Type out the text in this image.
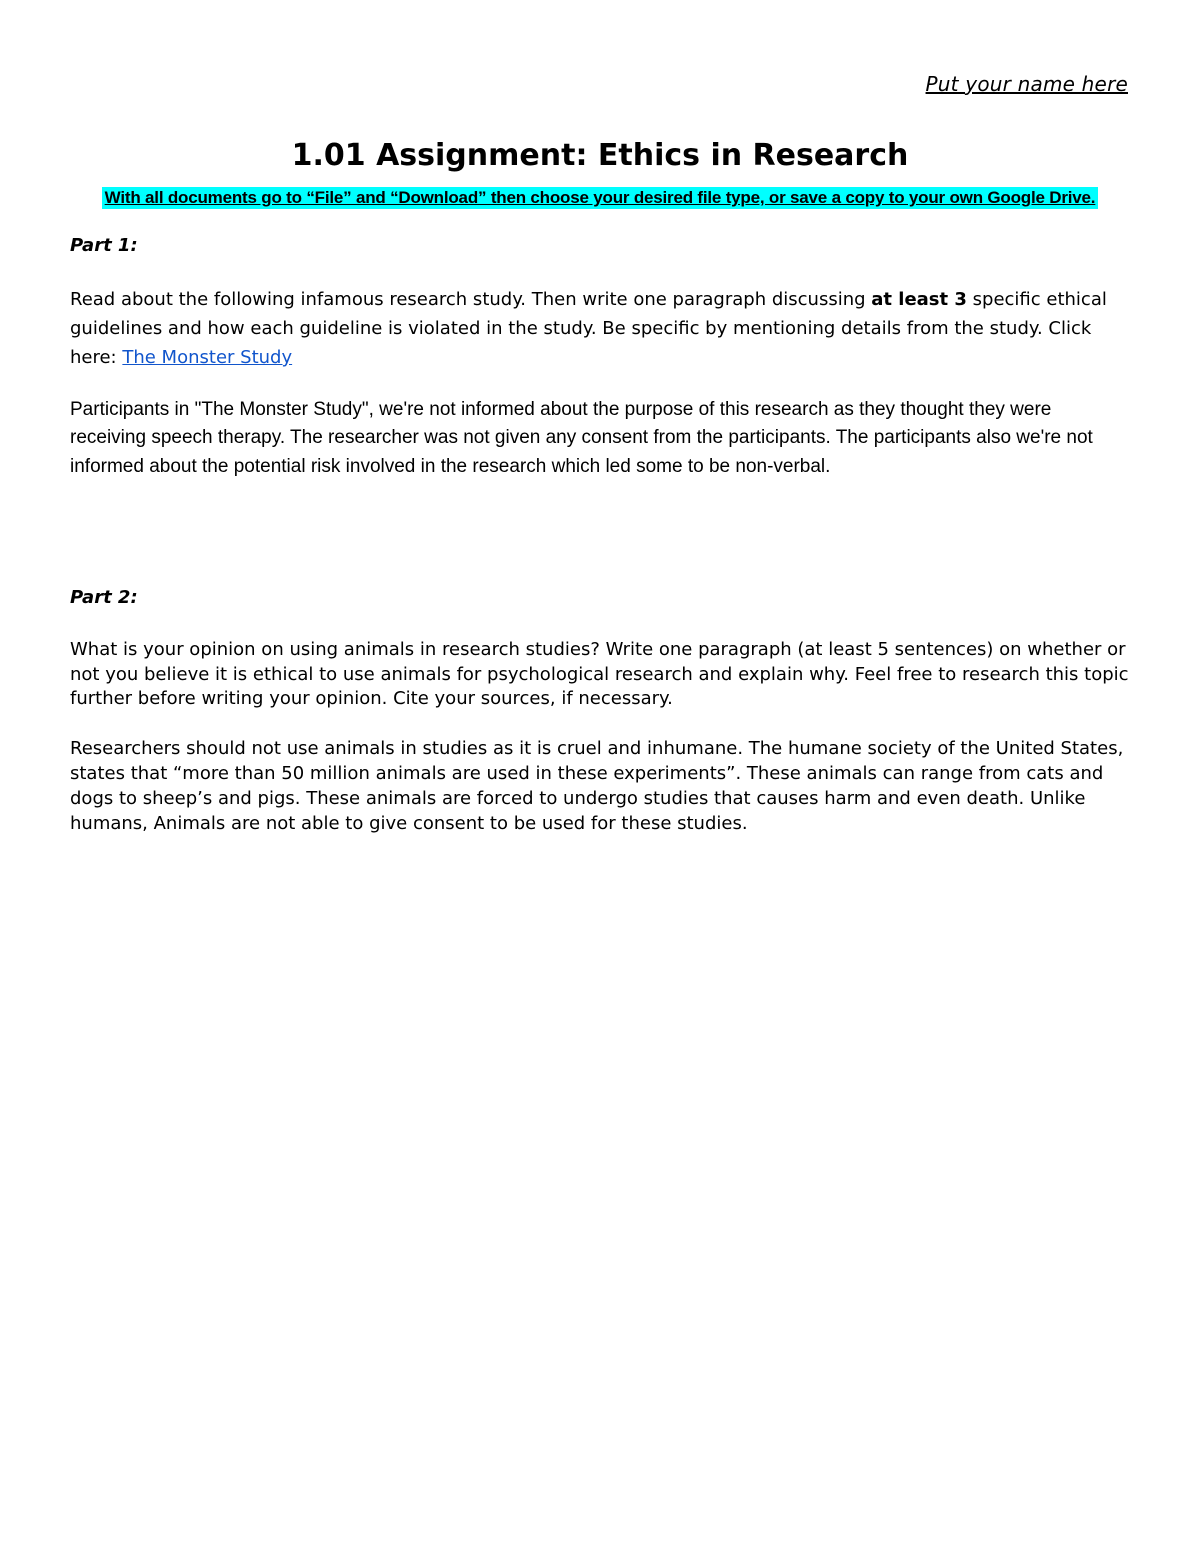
Put your name here
1.01 Assignment: Ethics in Research
With all documents go to “File” and “Download” then choose your desired file type, or save a copy to your own Google Drive.

Part 1:

Read about the following infamous research study. Then write one paragraph discussing at least 3 specific ethical guidelines and how each guideline is violated in the study. Be specific by mentioning details from the study. Click here: The Monster Study

Participants in "The Monster Study", we're not informed about the purpose of this research as they thought they were receiving speech therapy. The researcher was not given any consent from the participants. The participants also we're not informed about the potential risk involved in the research which led some to be non-verbal.

Part 2:

What is your opinion on using animals in research studies? Write one paragraph (at least 5 sentences) on whether or not you believe it is ethical to use animals for psychological research and explain why. Feel free to research this topic further before writing your opinion. Cite your sources, if necessary.

Researchers should not use animals in studies as it is cruel and inhumane. The humane society of the United States, states that “more than 50 million animals are used in these experiments”. These animals can range from cats and dogs to sheep’s and pigs. These animals are forced to undergo studies that causes harm and even death. Unlike humans, Animals are not able to give consent to be used for these studies.
